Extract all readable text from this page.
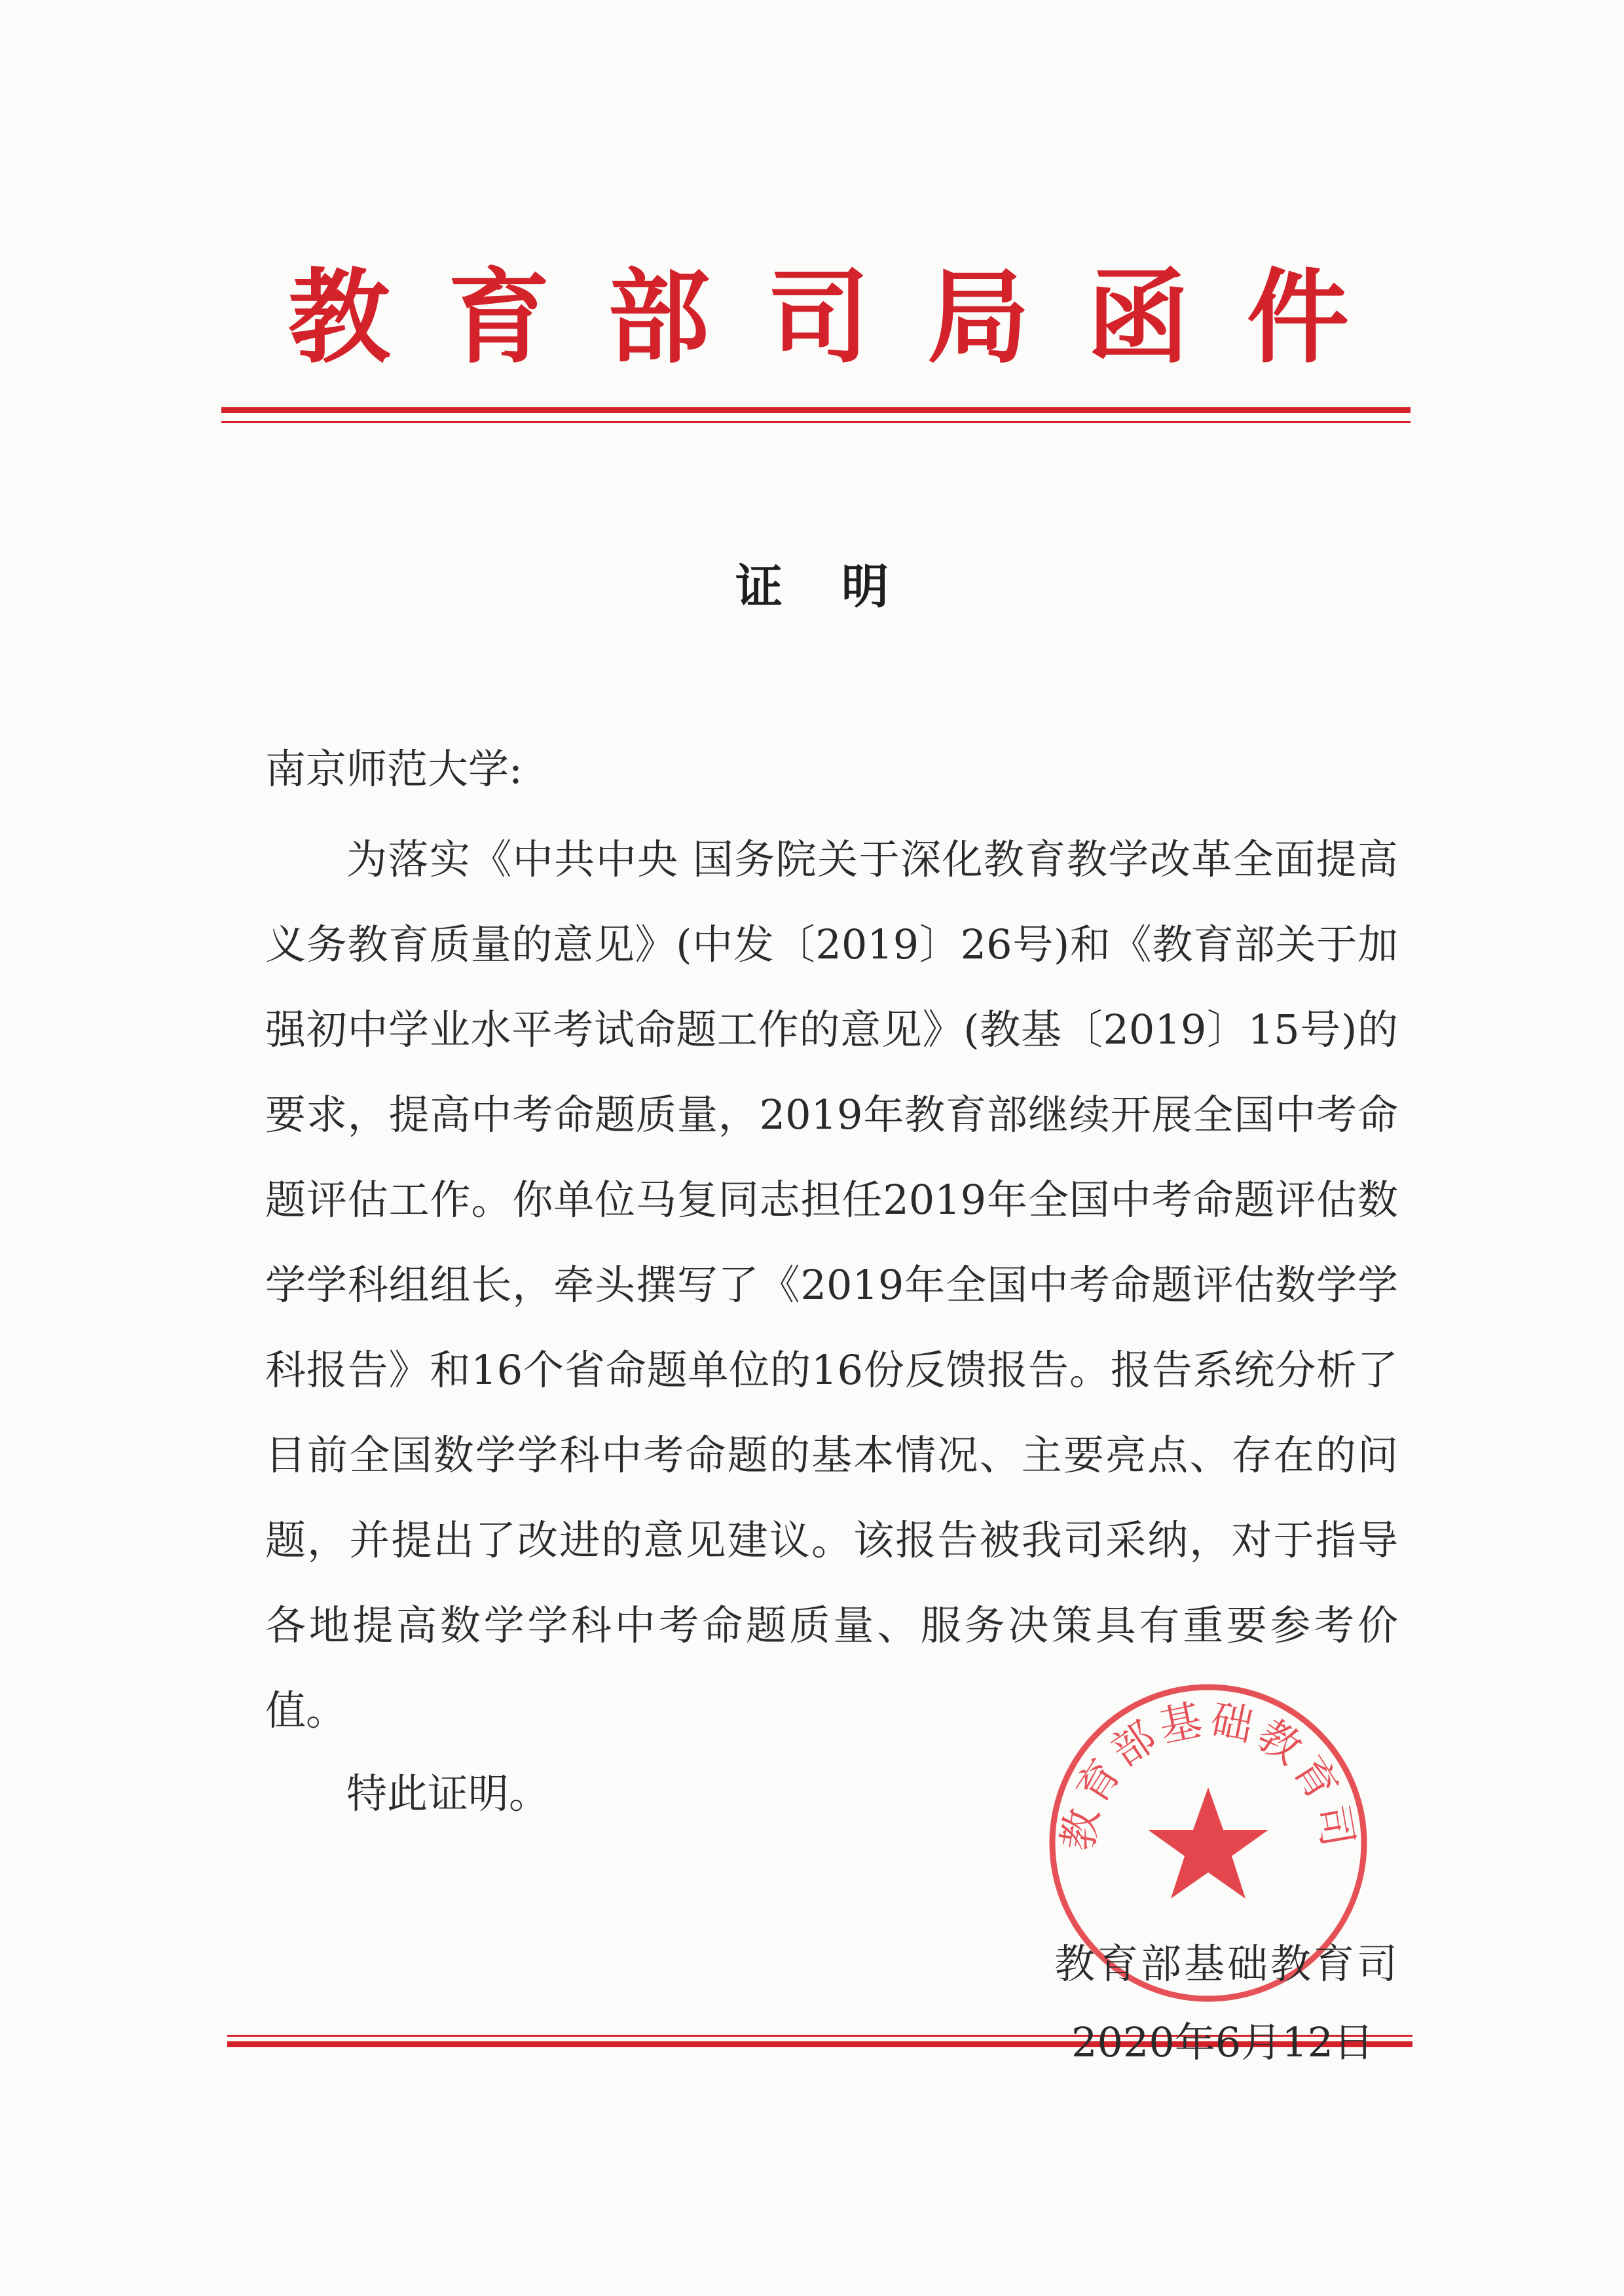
教 育 部 司 局 函 件
证明
南京师范大学:

为落实《中共中央 国务院关于深化教育教学改革全面提高义务教育质量的意见》(中发〔2019〕26号)和《教育部关于加强初中学业水平考试命题工作的意见》(教基〔2019〕15号)的要求，提高中考命题质量，2019年教育部继续开展全国中考命题评估工作。你单位马复同志担任2019年全国中考命题评估数学学科组组长，牵头撰写了《2019年全国中考命题评估数学学科报告》和16个省命题单位的16份反馈报告。报告系统分析了目前全国数学学科中考命题的基本情况、主要亮点、存在的问题，并提出了改进的意见建议。该报告被我司采纳，对于指导各地提高数学学科中考命题质量、服务决策具有重要参考价值。

特此证明。
教育部基础教育司
教育部基础教育司
2020年6月12日
